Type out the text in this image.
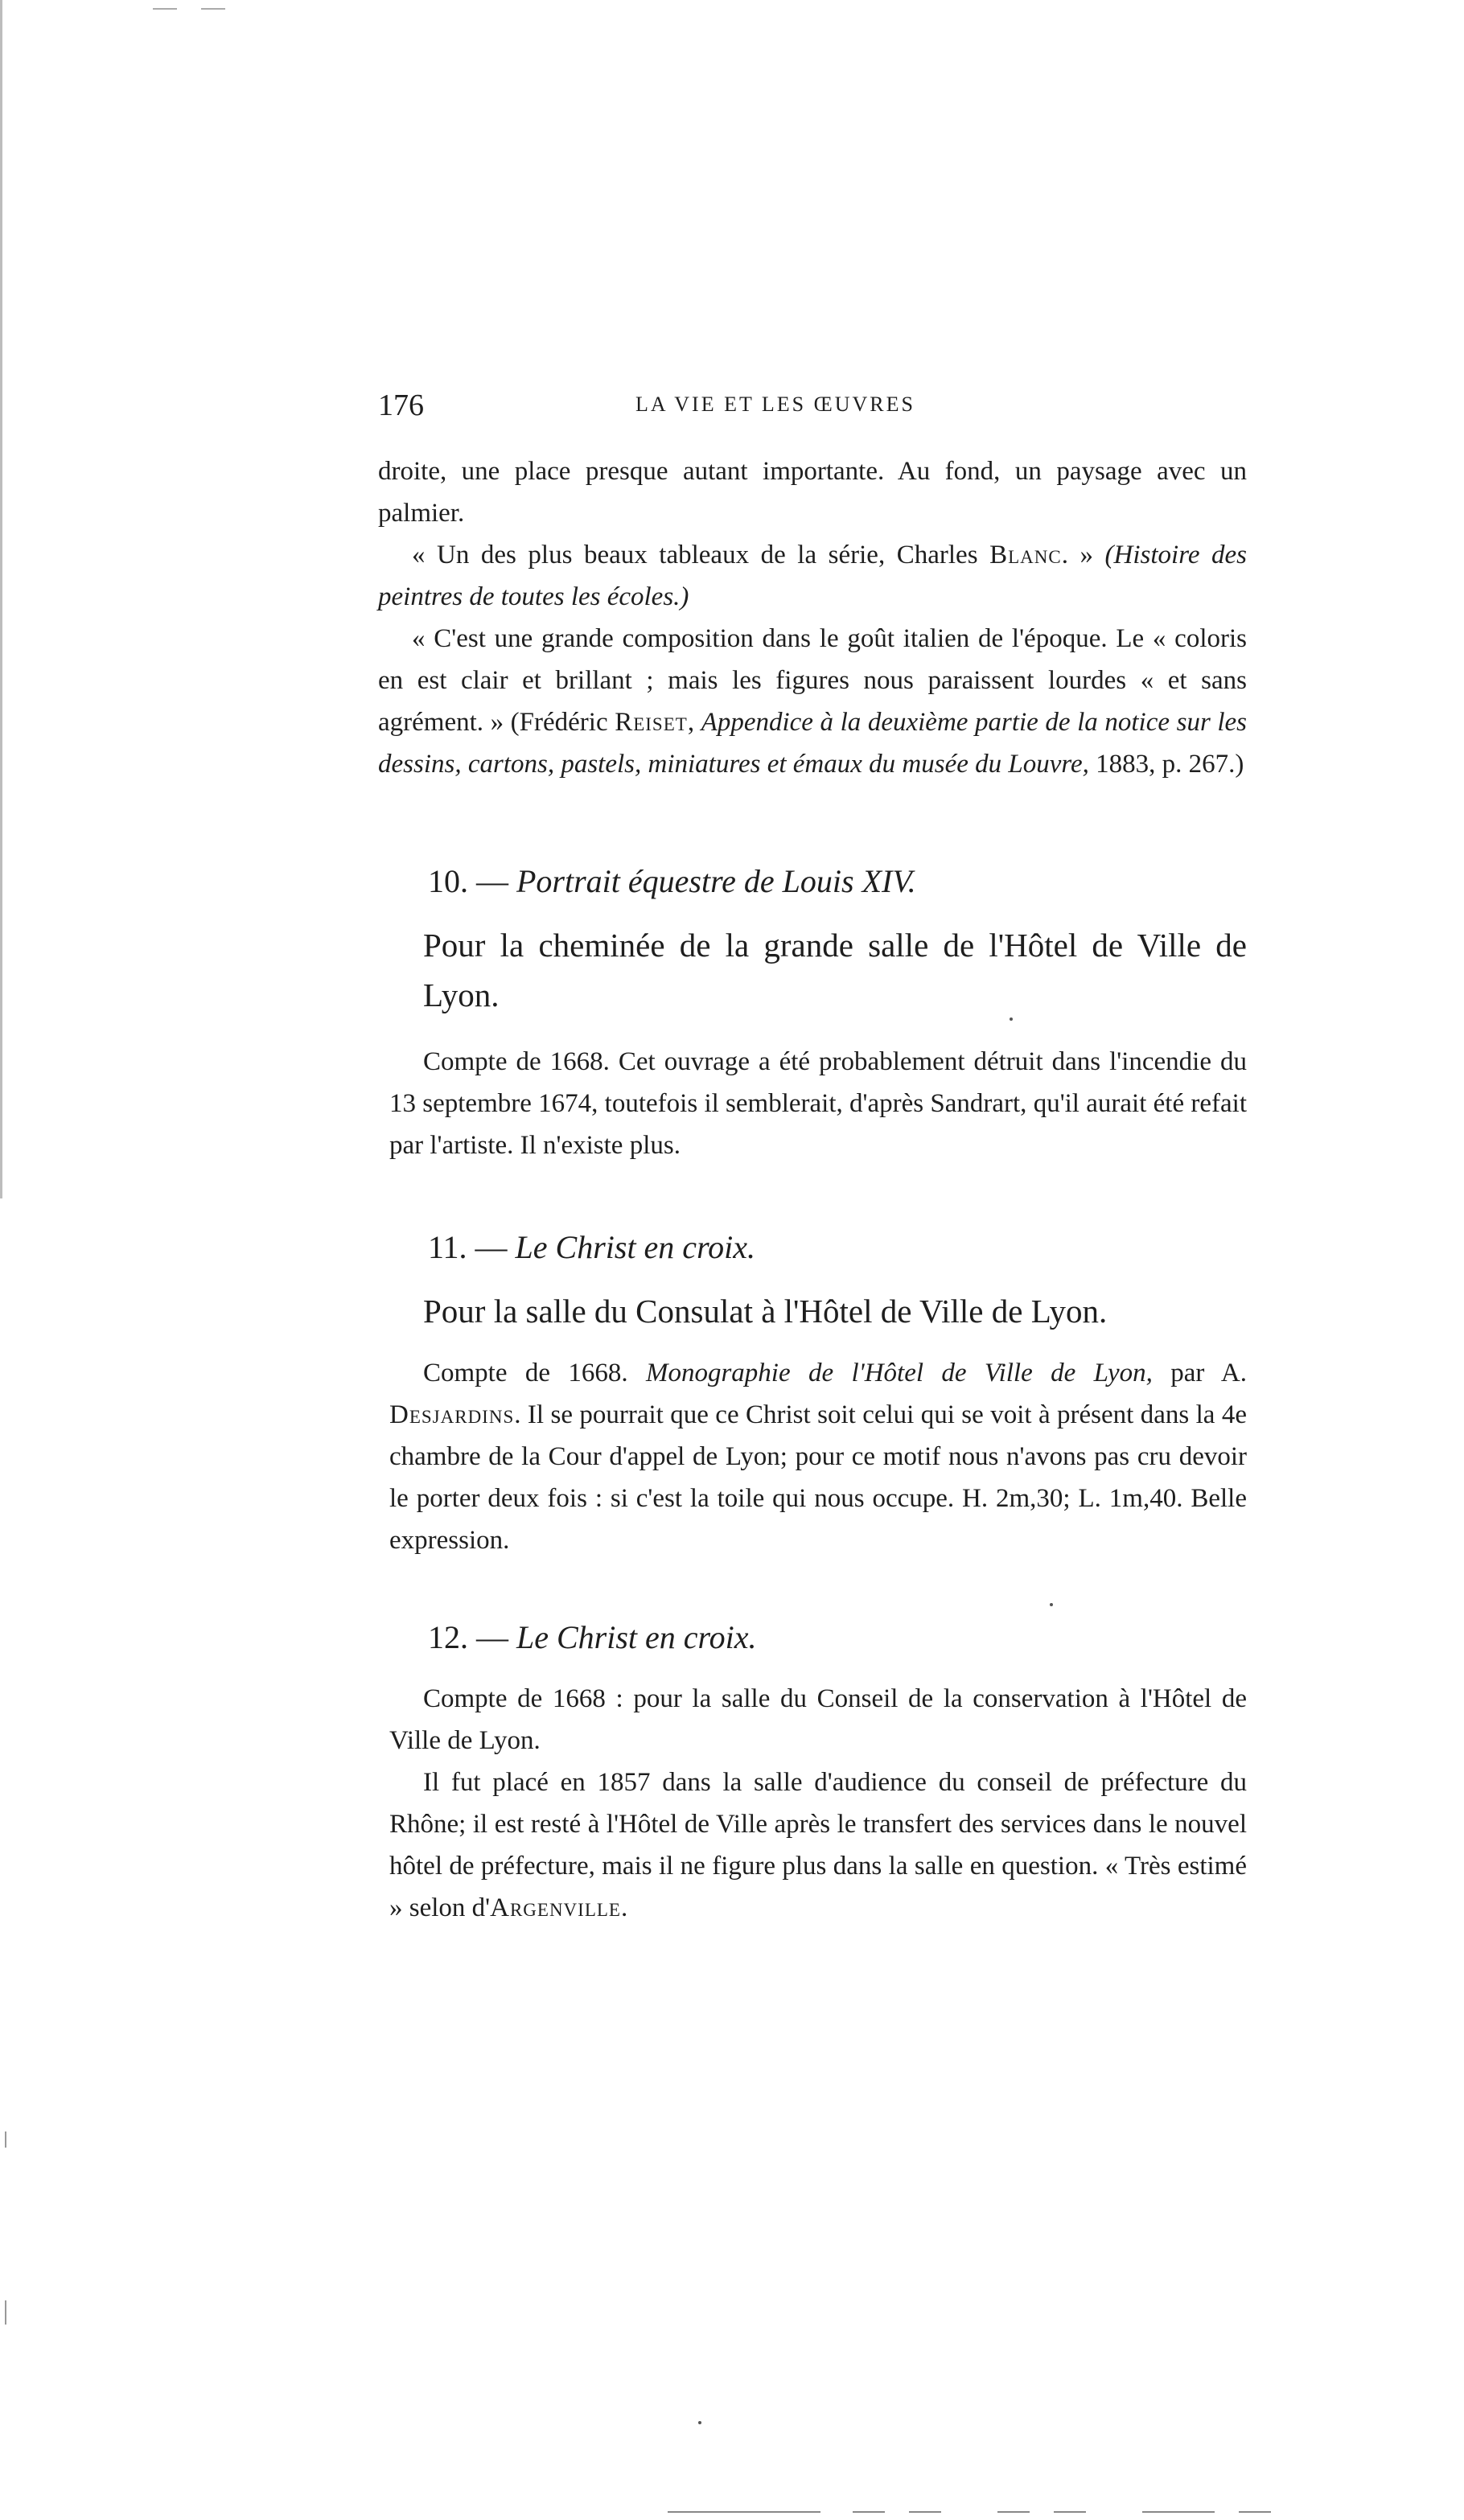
176	LA VIE ET LES ŒUVRES

droite, une place presque autant importante. Au fond, un paysage avec un palmier.

« Un des plus beaux tableaux de la série, Charles Blanc. » (Histoire des peintres de toutes les écoles.)

« C'est une grande composition dans le goût italien de l'époque. Le « coloris en est clair et brillant ; mais les figures nous paraissent lourdes « et sans agrément. » (Frédéric Reiset, Appendice à la deuxième partie de la notice sur les dessins, cartons, pastels, miniatures et émaux du musée du Louvre, 1883, p. 267.)

10. — Portrait équestre de Louis XIV.

Pour la cheminée de la grande salle de l'Hôtel de Ville de Lyon.

Compte de 1668. Cet ouvrage a été probablement détruit dans l'incendie du 13 septembre 1674, toutefois il semblerait, d'après Sandrart, qu'il aurait été refait par l'artiste. Il n'existe plus.

11. — Le Christ en croix.

Pour la salle du Consulat à l'Hôtel de Ville de Lyon.

Compte de 1668. Monographie de l'Hôtel de Ville de Lyon, par A. Desjardins. Il se pourrait que ce Christ soit celui qui se voit à présent dans la 4e chambre de la Cour d'appel de Lyon; pour ce motif nous n'avons pas cru devoir le porter deux fois : si c'est la toile qui nous occupe. H. 2m,30; L. 1m,40. Belle expression.

12. — Le Christ en croix.

Compte de 1668 : pour la salle du Conseil de la conservation à l'Hôtel de Ville de Lyon.

Il fut placé en 1857 dans la salle d'audience du conseil de préfecture du Rhône; il est resté à l'Hôtel de Ville après le transfert des services dans le nouvel hôtel de préfecture, mais il ne figure plus dans la salle en question. « Très estimé » selon d'Argenville.
